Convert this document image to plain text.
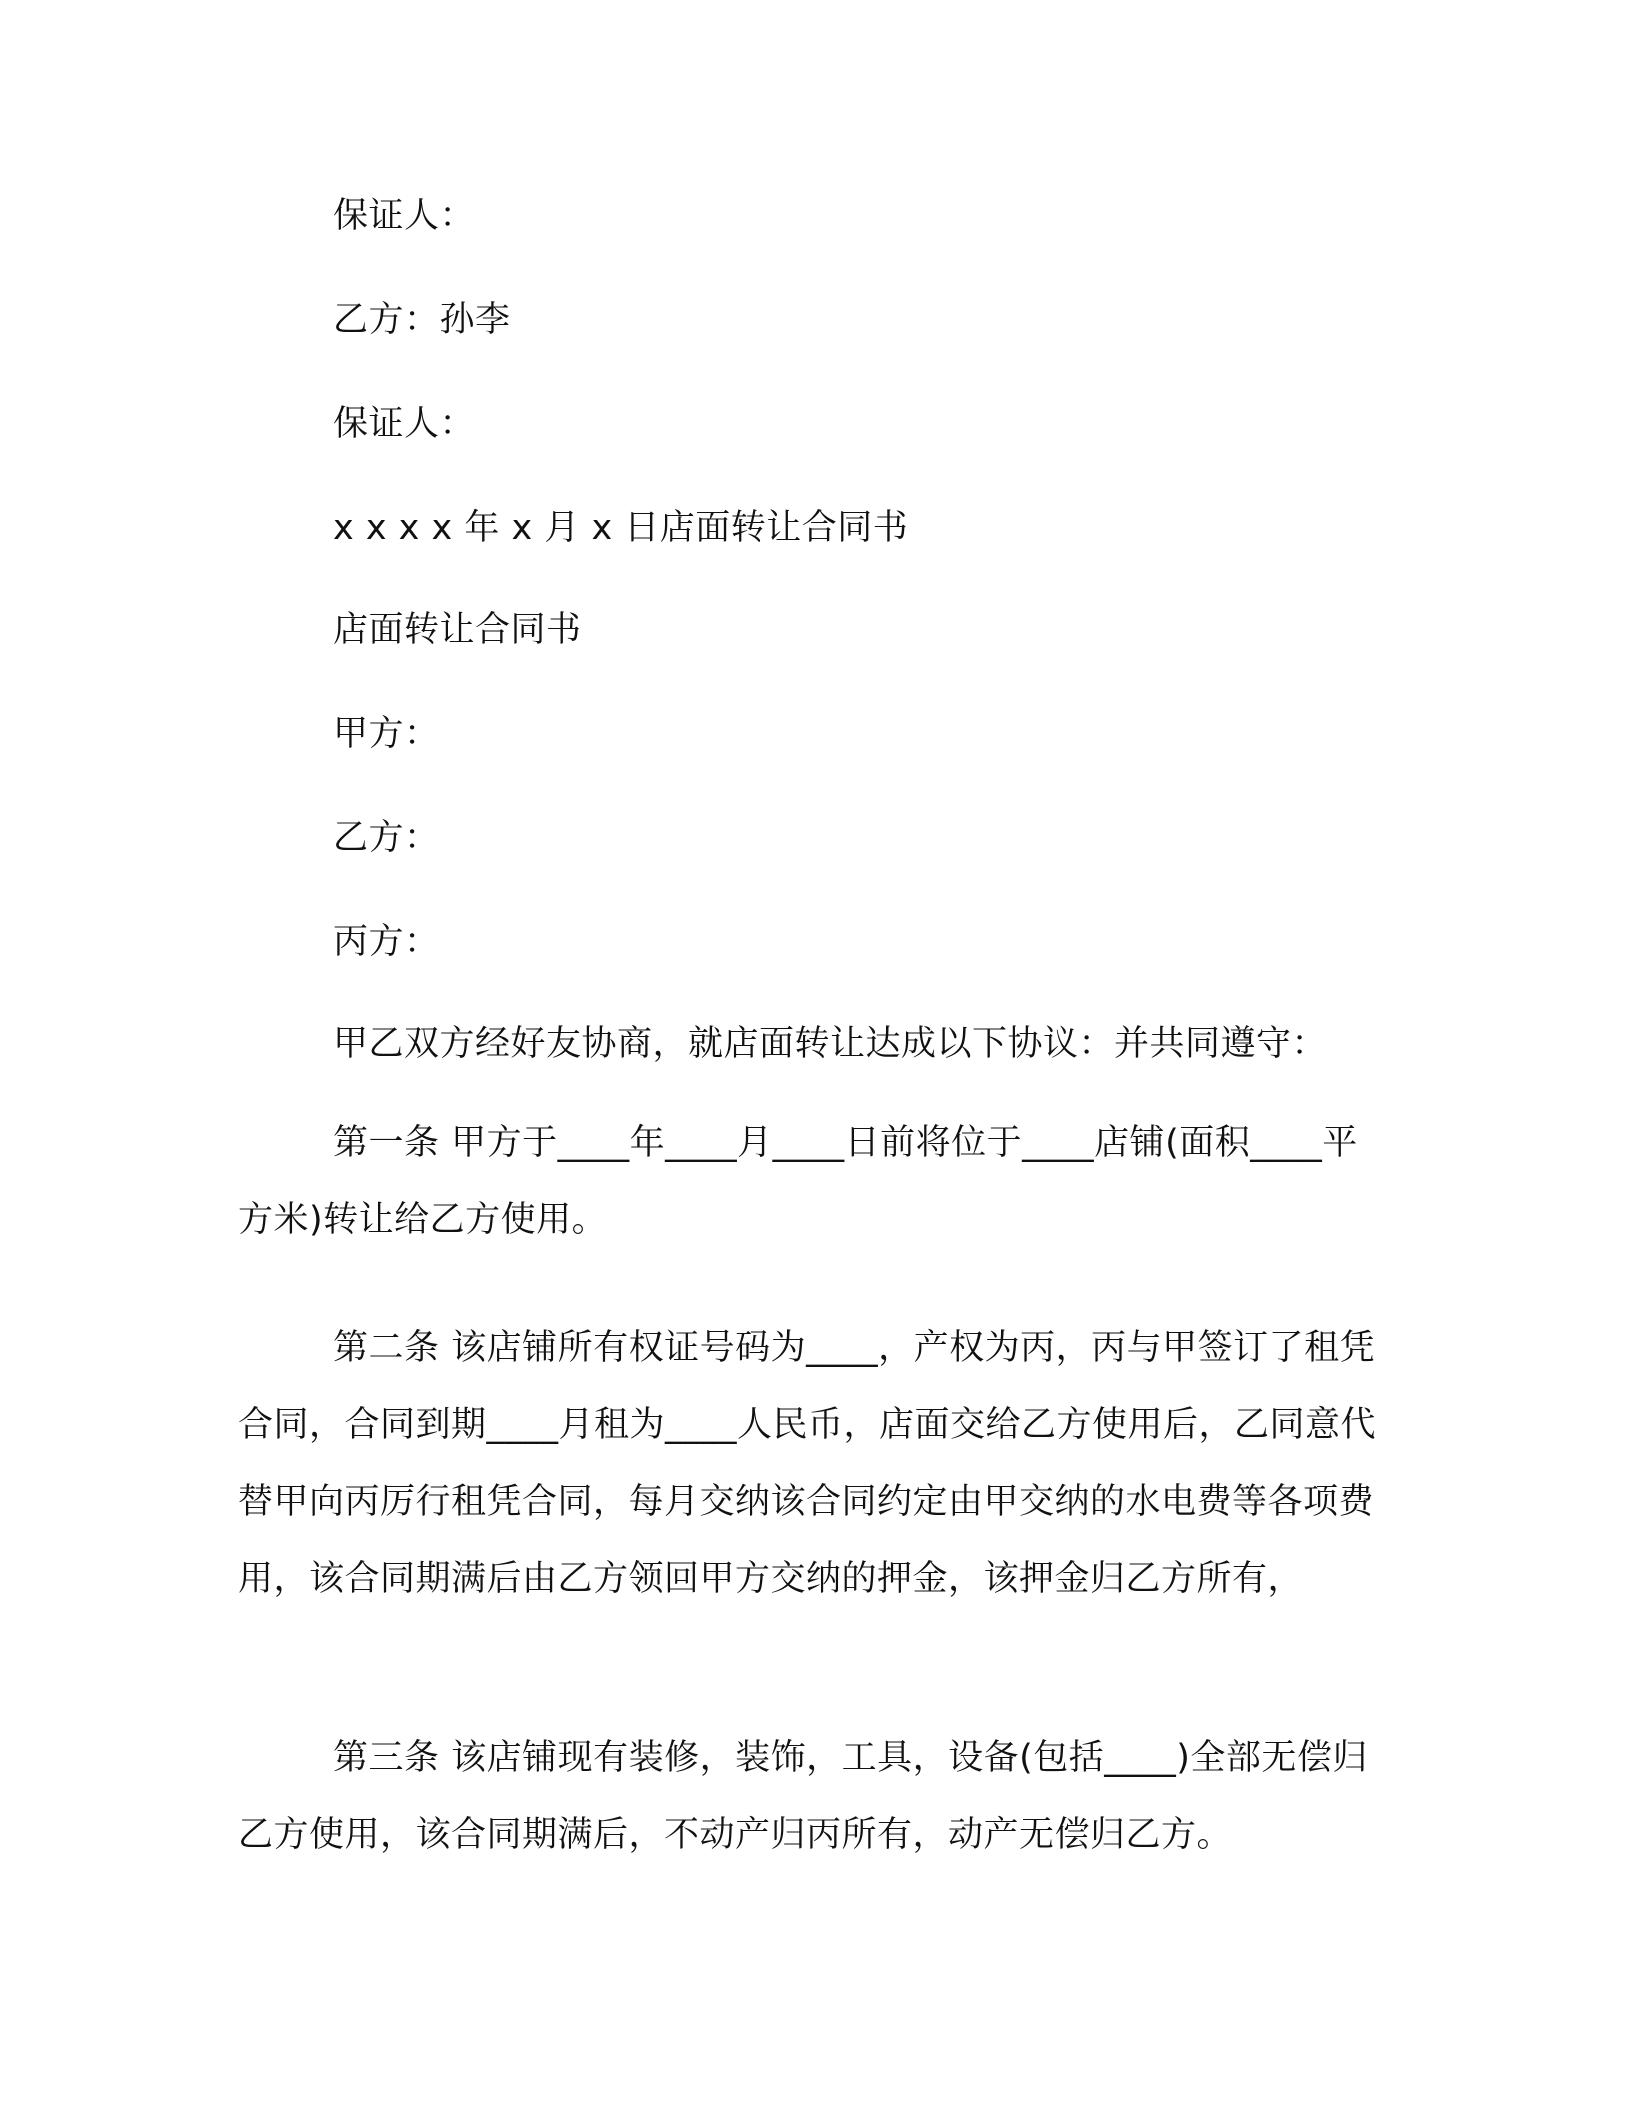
保证人：
乙方：孙李
保证人：
x x x x 年 x 月 x 日店面转让合同书
店面转让合同书
甲方：
乙方：
丙方：
甲乙双方经好友协商，就店面转让达成以下协议：并共同遵守：
第一条 甲方于____年____月____日前将位于____店铺(面积____平方米)转让给乙方使用。
第二条 该店铺所有权证号码为____，产权为丙，丙与甲签订了租凭合同，合同到期____月租为____人民币，店面交给乙方使用后，乙同意代替甲向丙厉行租凭合同，每月交纳该合同约定由甲交纳的水电费等各项费用，该合同期满后由乙方领回甲方交纳的押金，该押金归乙方所有，
第三条 该店铺现有装修，装饰，工具，设备(包括____)全部无偿归乙方使用，该合同期满后，不动产归丙所有，动产无偿归乙方。
